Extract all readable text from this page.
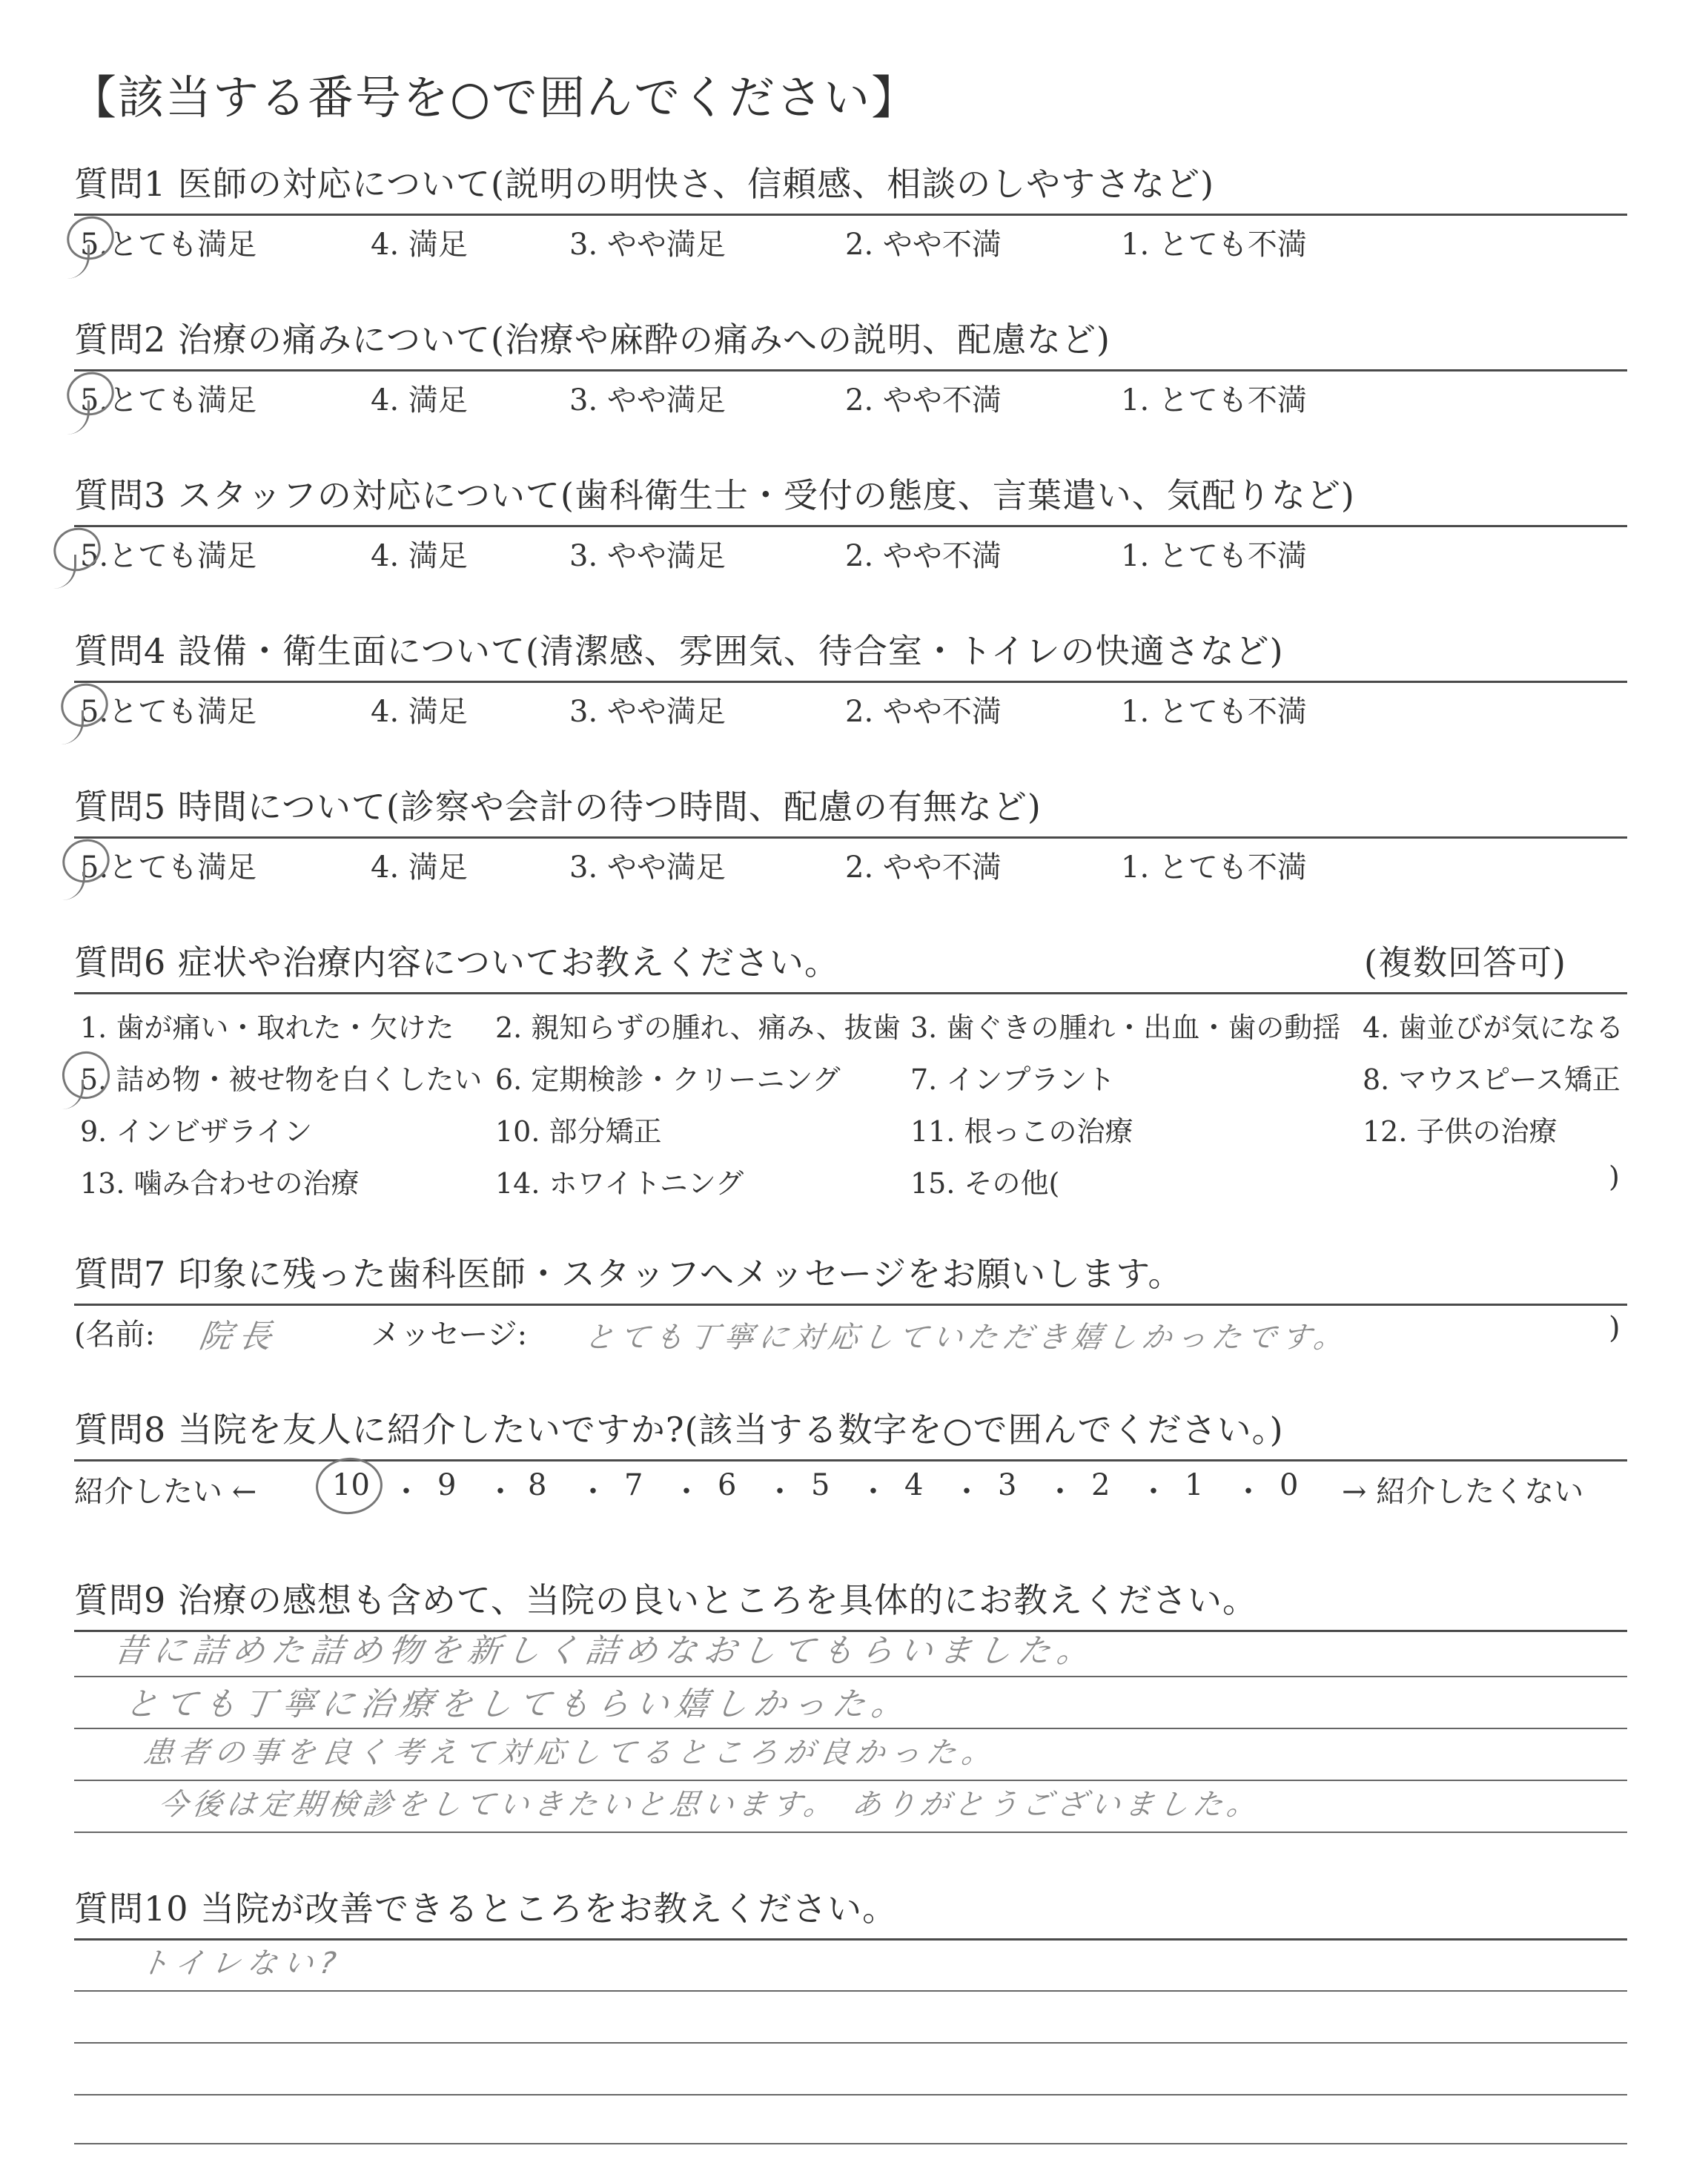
【該当する番号を○で囲んでください】
質問1 医師の対応について(説明の明快さ、信頼感、相談のしやすさなど)
5.とても満足	4. 満足	3. やや満足	2. やや不満	1. とても不満
質問2 治療の痛みについて(治療や麻酔の痛みへの説明、配慮など)
5.とても満足	4. 満足	3. やや満足	2. やや不満	1. とても不満
質問3 スタッフの対応について(歯科衛生士・受付の態度、言葉遣い、気配りなど)
5.とても満足	4. 満足	3. やや満足	2. やや不満	1. とても不満
質問4 設備・衛生面について(清潔感、雰囲気、待合室・トイレの快適さなど)
5.とても満足	4. 満足	3. やや満足	2. やや不満	1. とても不満
質問5 時間について(診察や会計の待つ時間、配慮の有無など)
5.とても満足	4. 満足	3. やや満足	2. やや不満	1. とても不満
質問6 症状や治療内容についてお教えください。	(複数回答可)
1. 歯が痛い・取れた・欠けた 2. 親知らずの腫れ、痛み、抜歯 3. 歯ぐきの腫れ・出血・歯の動揺 4. 歯並びが気になる
5. 詰め物・被せ物を白くしたい 6. 定期検診・クリーニング 7. インプラント	8. マウスピース矯正
9. インビザライン	10. 部分矯正	11. 根っこの治療	12. 子供の治療
13. 噛み合わせの治療	14. ホワイトニング	15. その他(	)
質問7 印象に残った歯科医師・スタッフへメッセージをお願いします。
(名前: 院長	メッセージ: とても丁寧に対応していただき嬉しかったです。	)
質問8 当院を友人に紹介したいですか?(該当する数字を○で囲んでください。)
紹介したい ←	10 9 8	7	6	5	4	3	2	1	0 → 紹介したくない
・ ・ ・ ・ ・ ・ ・ ・ ・ ・
質問9 治療の感想も含めて、当院の良いところを具体的にお教えください。
昔に詰めた詰め物を新しく詰めなおしてもらいました。
とても丁寧に治療をしてもらい嬉しかった。
患者の事を良く考えて対応してるところが良かった。
今後は定期検診をしていきたいと思います。 ありがとうございました。
質問10 当院が改善できるところをお教えください。
トイレない?
